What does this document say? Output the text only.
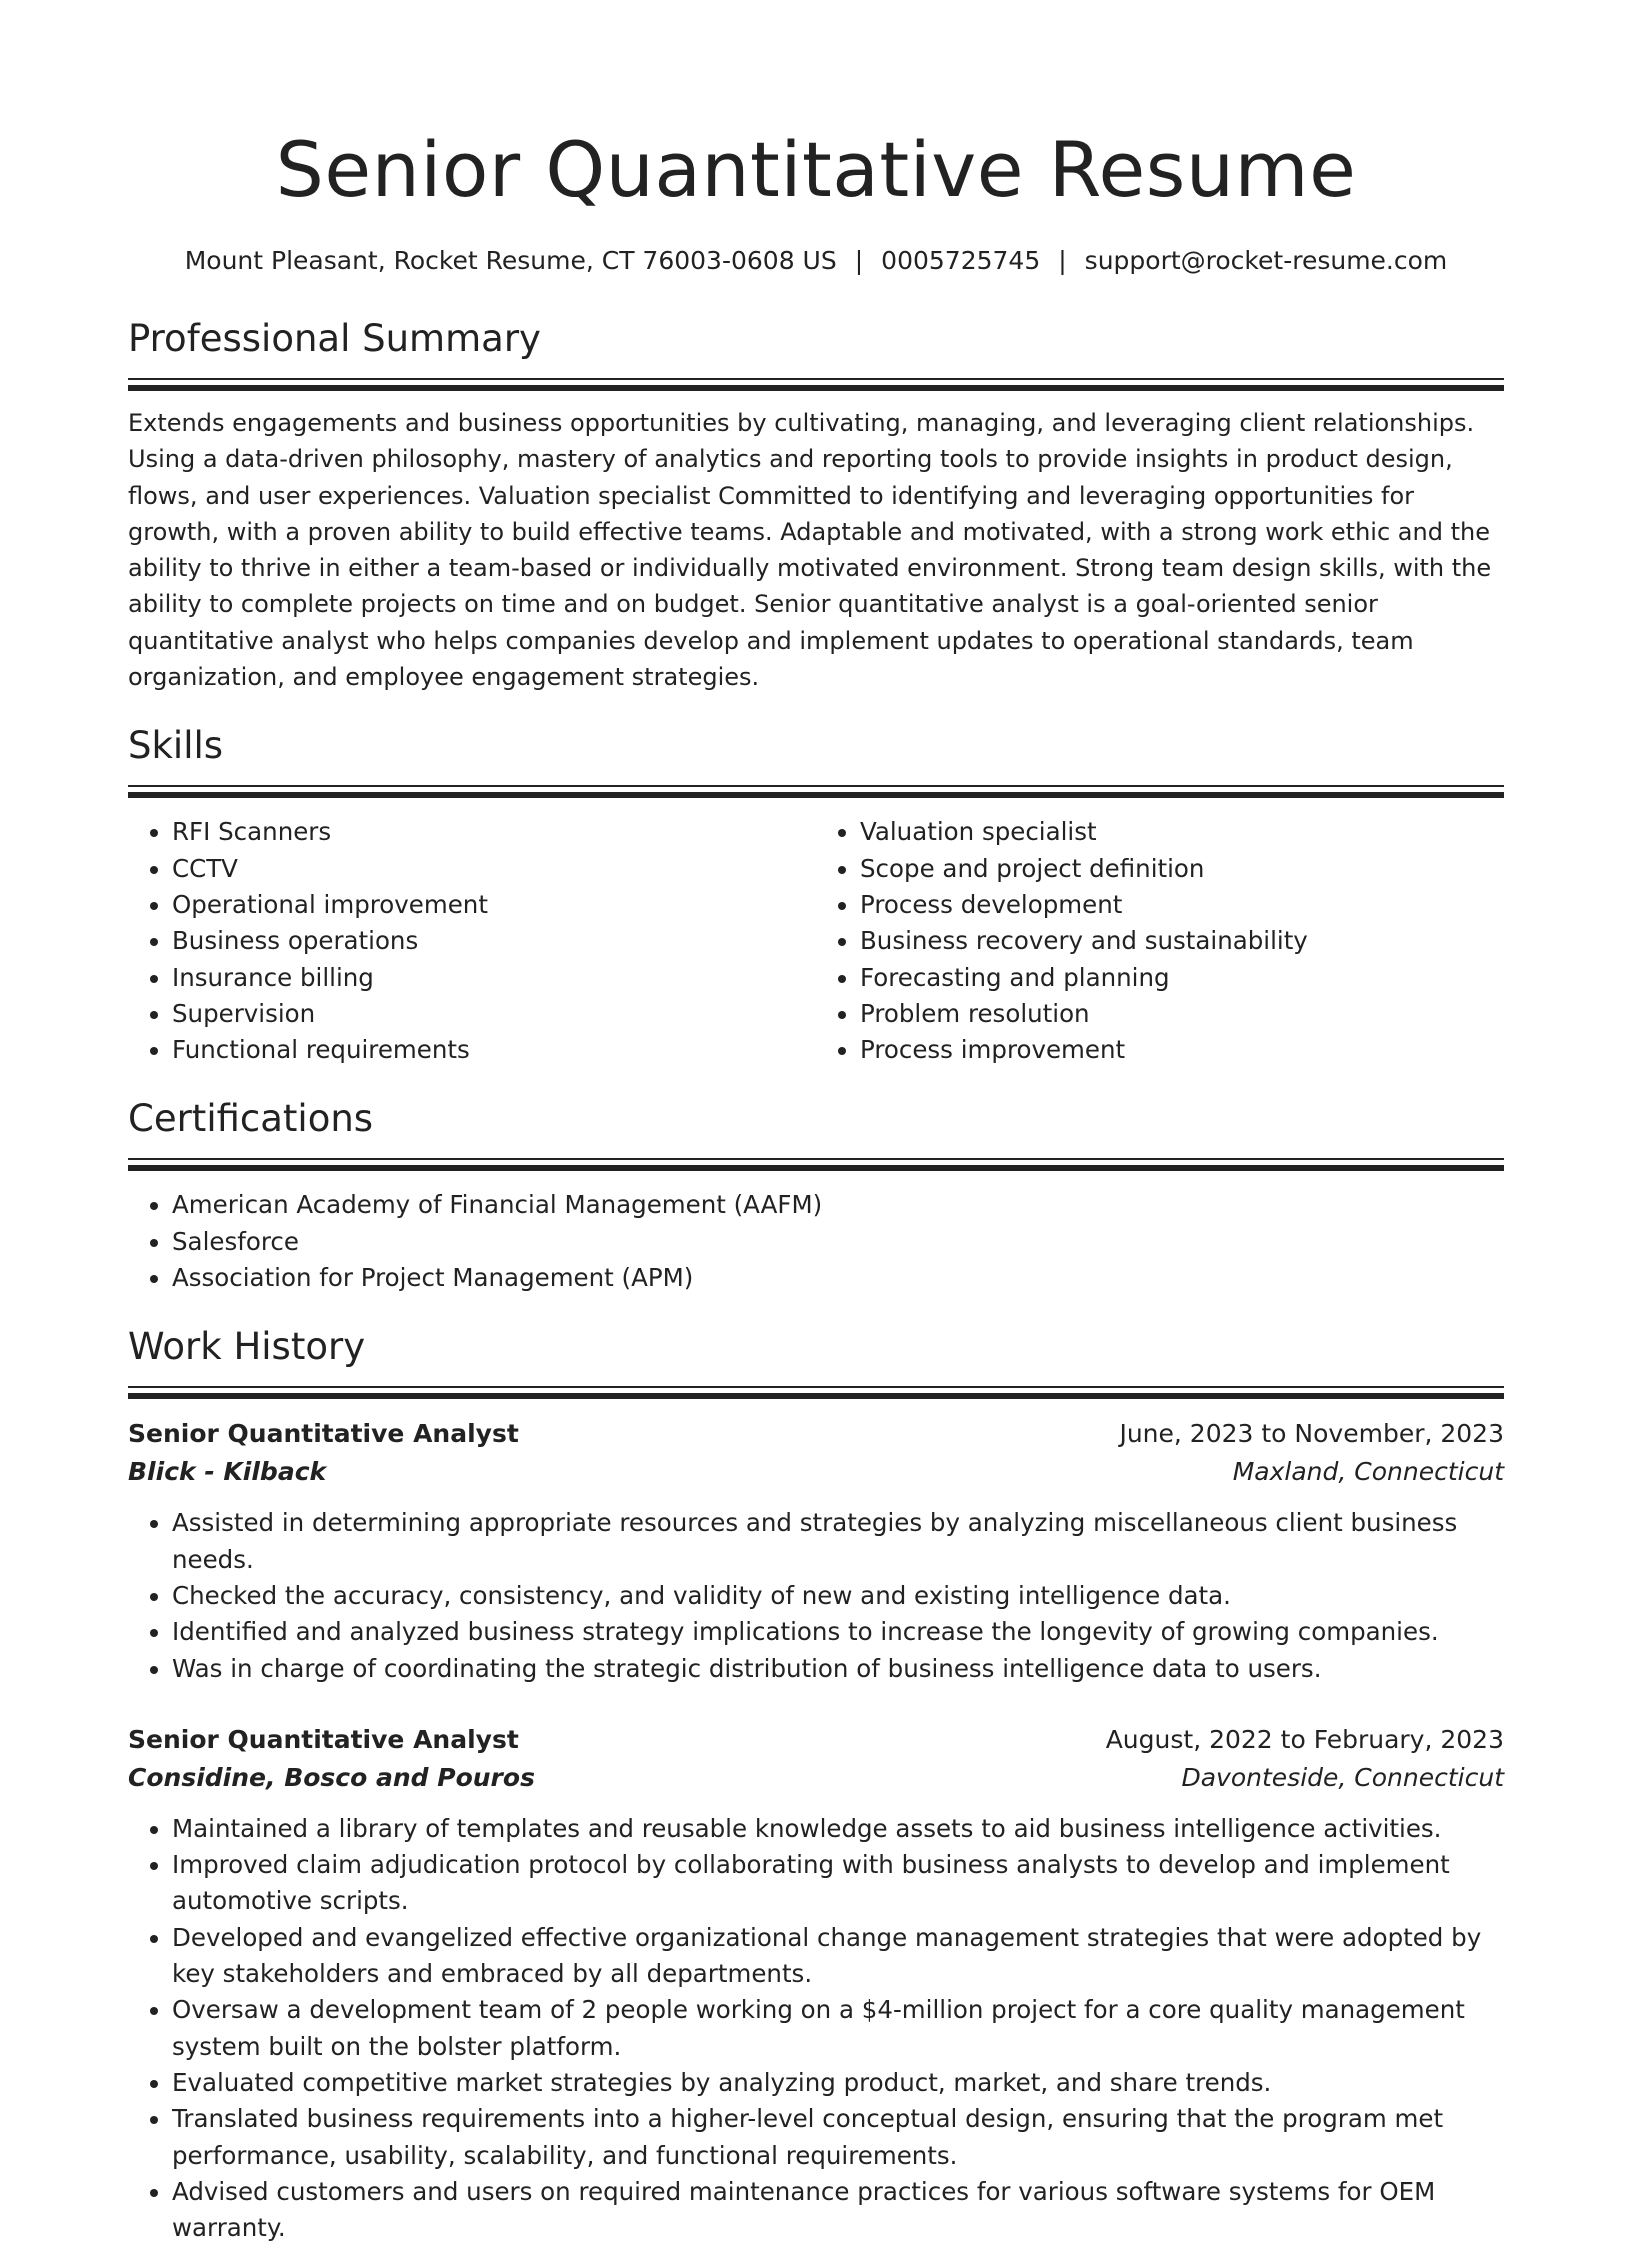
Senior Quantitative Resume
Mount Pleasant, Rocket Resume, CT 76003-0608 US | 0005725745 | support@rocket-resume.com
Professional Summary

Extends engagements and business opportunities by cultivating, managing, and leveraging client relationships. Using a data-driven philosophy, mastery of analytics and reporting tools to provide insights in product design, flows, and user experiences. Valuation specialist Committed to identifying and leveraging opportunities for growth, with a proven ability to build effective teams. Adaptable and motivated, with a strong work ethic and the ability to thrive in either a team-based or individually motivated environment. Strong team design skills, with the ability to complete projects on time and on budget. Senior quantitative analyst is a goal-oriented senior quantitative analyst who helps companies develop and implement updates to operational standards, team organization, and employee engagement strategies.

Skills
• RFI Scanners
• CCTV
• Operational improvement
• Business operations
• Insurance billing
• Supervision
• Functional requirements
• Valuation specialist
• Scope and project definition
• Process development
• Business recovery and sustainability
• Forecasting and planning
• Problem resolution
• Process improvement
Certifications
• American Academy of Financial Management (AAFM)
• Salesforce
• Association for Project Management (APM)
Work History
Senior Quantitative Analyst	June, 2023 to November, 2023
Blick - Kilback	Maxland, Connecticut
• Assisted in determining appropriate resources and strategies by analyzing miscellaneous client business needs.
• Checked the accuracy, consistency, and validity of new and existing intelligence data.
• Identified and analyzed business strategy implications to increase the longevity of growing companies.
• Was in charge of coordinating the strategic distribution of business intelligence data to users.
Senior Quantitative Analyst	August, 2022 to February, 2023
Considine, Bosco and Pouros	Davonteside, Connecticut
• Maintained a library of templates and reusable knowledge assets to aid business intelligence activities.
• Improved claim adjudication protocol by collaborating with business analysts to develop and implement automotive scripts.
• Developed and evangelized effective organizational change management strategies that were adopted by key stakeholders and embraced by all departments.
• Oversaw a development team of 2 people working on a $4-million project for a core quality management system built on the bolster platform.
• Evaluated competitive market strategies by analyzing product, market, and share trends.
• Translated business requirements into a higher-level conceptual design, ensuring that the program met performance, usability, scalability, and functional requirements.
• Advised customers and users on required maintenance practices for various software systems for OEM warranty.
